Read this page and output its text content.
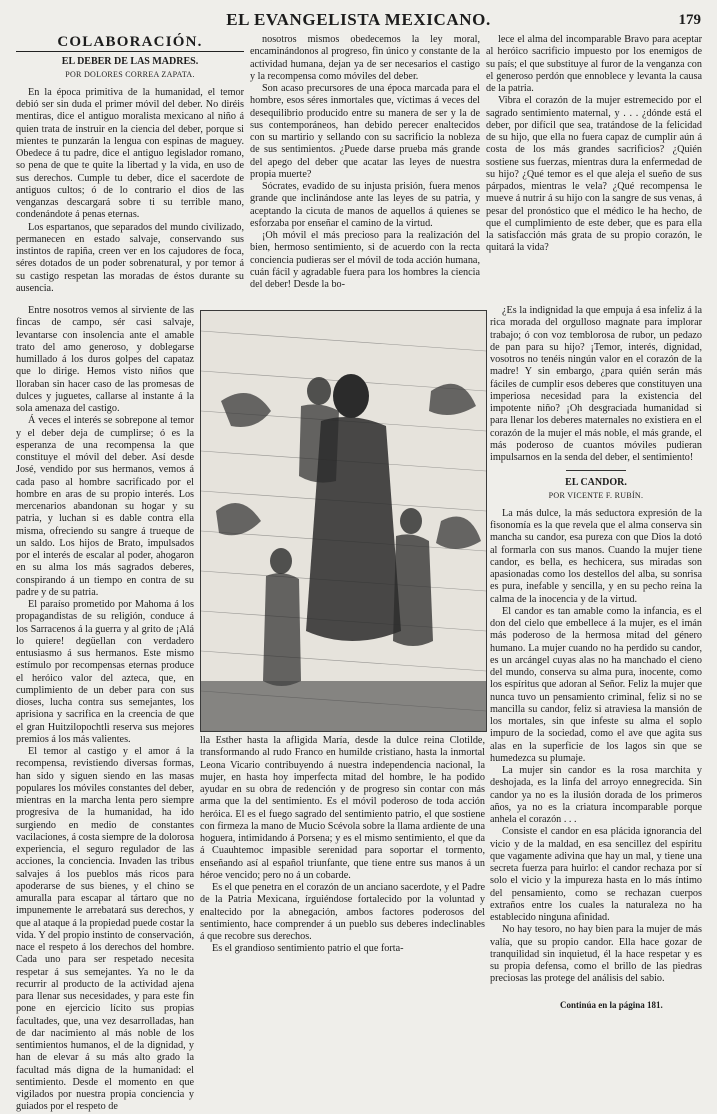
EL EVANGELISTA MEXICANO.	179
COLABORACIÓN.
EL DEBER DE LAS MADRES.
POR DOLORES CORREA ZAPATA.

En la época primitiva de la humanidad, el temor debió ser sin duda el primer móvil del deber. No diréis mentiras, dice el antiguo moralista mexicano al niño á quien trata de instruir en la ciencia del deber, porque si mientes te punzarán la lengua con espinas de maguey. Obedece á tu padre, dice el antiguo legislador romano, so pena de que te quite la libertad y la vida, en uso de sus derechos. Cumple tu deber, dice el sacerdote de antiguos cultos; ó de lo contrario el dios de las venganzas descargará sobre ti su terrible mano, condenándote á penas eternas.

Los espartanos, que separados del mundo civilizado, permanecen en estado salvaje, conservando sus instintos de rapiña, creen ver en los cajudores de foca, séres dotados de un poder sobrenatural, y por temor á su castigo respetan las moradas de éstos durante su ausencia.

Entre nosotros vemos al sirviente de las fincas de campo, sér casi salvaje, levantarse con insolencia ante el amable trato del amo generoso, y doblegarse humillado á los duros golpes del capataz que lo dirige. Hemos visto niños que lloraban sin hacer caso de las promesas de dulces y juguetes, callarse al instante á la sola amenaza del castigo.

Á veces el interés se sobrepone al temor y el deber deja de cumplirse; ó es la esperanza de una recompensa la que constituye el móvil del deber. Así desde José, vendido por sus hermanos, vemos á cada paso al hombre sacrificado por el hombre en aras de su propio interés. Los mercenarios abandonan su hogar y su patria, y luchan si es dable contra ella misma, ofreciendo su sangre á trueque de un saldo. Los hijos de Brato, impulsados por el interés de escalar al poder, ahogaron en su alma los más sagrados deberes, conspirando á un tiempo en contra de su padre y de su patria.

El paraíso prometido por Mahoma á los propagandistas de su religión, conduce á los Sarracenos á la guerra y al grito de ¡Alá lo quiere! degüellan con verdadero entusiasmo á sus hermanos. Este mismo estímulo por recompensas eternas produce el heróico valor del azteca, que, en cumplimiento de un deber para con sus dioses, lucha contra sus semejantes, los aprisiona y sacrifica en la creencia de que el gran Huitzilopochtli reserva sus mejores premios á los más valientes.

El temor al castigo y el amor á la recompensa, revistiendo diversas formas, han sido y siguen siendo en las masas populares los móviles constantes del deber, mientras en la marcha lenta pero siempre progresiva de la humanidad, ha ido surgiendo en medio de constantes vacilaciones, á costa siempre de la dolorosa experiencia, el seguro regulador de las acciones, la conciencia. Invaden las tribus salvajes á los pueblos más ricos para apoderarse de sus bienes, y el chino se amuralla para escapar al tártaro que no impunemente le arrebatará sus derechos, y que al ataque á la propiedad puede costar la vida. Y del propio instinto de conservación, nace el respeto á los derechos del hombre. Cada uno para ser respetado necesita respetar á sus semejantes. Ya no le da recurrir al producto de la actividad ajena para llenar sus necesidades, y para este fin pone en ejercicio lícito sus propias facultades, que, una vez desarrolladas, han de dar nacimiento al más noble de los sentimientos humanos, el de la dignidad, y han de elevar á su más alto grado la facultad más digna de la humanidad: el sentimiento. Desde el momento en que vigilados por nuestra propia conciencia y guiados por el respeto de

nosotros mismos obedecemos la ley moral, encaminándonos al progreso, fin único y constante de la actividad humana, dejan ya de ser necesarios el castigo y la recompensa como móviles del deber.

Son acaso precursores de una época marcada para el hombre, esos séres inmortales que, víctimas á veces del desequilibrio producido entre su manera de ser y la de sus contemporáneos, han debido perecer enaltecidos con su martirio y sellando con su sacrificio la nobleza de sus sentimientos. ¿Puede darse prueba más grande del apego del deber que acatar las leyes de nuestra propia muerte?

Sócrates, evadido de su injusta prisión, fuera menos grande que inclinándose ante las leyes de su patria, y aceptando la cicuta de manos de aquellos á quienes se esforzaba por enseñar el camino de la virtud.

¡Oh móvil el más precioso para la realización del bien, hermoso sentimiento, si de acuerdo con la recta conciencia pudieras ser el móvil de toda acción humana, cuán fácil y agradable fuera para los hombres la ciencia del deber! Desde la bo-

lece el alma del incomparable Bravo para aceptar al heróico sacrificio impuesto por los enemigos de su país; el que substituye al furor de la venganza con el generoso perdón que ennoblece y levanta la causa de la patria.

Vibra el corazón de la mujer estremecido por el sagrado sentimiento maternal, y . . . ¿dónde está el deber, por difícil que sea, tratándose de la felicidad de su hijo, que ella no fuera capaz de cumplir aún á costa de los más grandes sacrificios? ¿Quién sostiene sus fuerzas, mientras dura la enfermedad de su hijo? ¿Qué temor es el que aleja el sueño de sus párpados, mientras le vela? ¿Qué recompensa le mueve á nutrir á su hijo con la sangre de sus venas, á pesar del pronóstico que el médico le ha hecho, de que el cumplimiento de este deber, que es para ella la satisfacción más grata de su propio corazón, le quitará la vida?

¿Es la indignidad la que empuja á esa infeliz á la rica morada del orgulloso magnate para implorar trabajo; ó con voz temblorosa de rubor, un pedazo de pan para su hijo? ¡Temor, interés, dignidad, vosotros no tenéis ningún valor en el corazón de la madre! Y sin embargo, ¿para quién serán más fáciles de cumplir esos deberes que constituyen una imperiosa necesidad para la existencia del impotente niño? ¡Oh desgraciada humanidad si para llenar los deberes maternales no existiera en el corazón de la mujer el más noble, el más grande, el más poderoso de cuantos móviles pudieran impulsarnos en la senda del deber, el sentimiento!

EL CANDOR.
POR VICENTE F. RUBÍN.

La más dulce, la más seductora expresión de la fisonomía es la que revela que el alma conserva sin mancha su candor, esa pureza con que Dios la dotó al formarla con sus manos. Cuando la mujer tiene candor, es bella, es hechicera, sus miradas son apasionadas como los destellos del alba, su sonrisa es pura, inefable y sencilla, y en su pecho reina la calma de la inocencia y de la virtud.

El candor es tan amable como la infancia, es el don del cielo que embellece á la mujer, es el imán más poderoso de la hermosa mitad del género humano. La mujer cuando no ha perdido su candor, es un arcángel cuyas alas no ha manchado el cieno del mundo, conserva su alma pura, inocente, como los espíritus que adoran al Señor. Feliz la mujer que nunca tuvo un pensamiento criminal, feliz si no se mancilla su candor, feliz si atraviesa la mansión de los mortales, sin que infeste su alma el soplo impuro de la sociedad, como el ave que agita sus alas en la superficie de los lagos sin que se humedezca su plumaje.

La mujer sin candor es la rosa marchita y deshojada, es la linfa del arroyo ennegrecida. Sin candor ya no es la ilusión dorada de los primeros años, ya no es la criatura incomparable porque anhela el corazón . . .

Consiste el candor en esa plácida ignorancia del vicio y de la maldad, en esa sencillez del espíritu que vagamente adivina que hay un mal, y tiene una secreta fuerza para huirlo: el candor rechaza por sí solo el vicio y la impureza hasta en lo más íntimo del pensamiento, como se rechazan cuerpos extraños entre los cuales la naturaleza no ha establecido ninguna afinidad.

No hay tesoro, no hay bien para la mujer de más valía, que su propio candor. Ella hace gozar de tranquilidad sin inquietud, él la hace respetar y es su propia defensa, como el brillo de las piedras preciosas las protege del análisis del sabio.

lla Esther hasta la afligida María, desde la dulce reina Clotilde, transformando al rudo Franco en humilde cristiano, hasta la inmortal Leona Vicario contribuyendo á nuestra independencia nacional, la mujer, en hasta hoy imperfecta mitad del hombre, le ha podido ayudar en su obra de redención y de progreso sin contar con más arma que la del sentimiento. Es el móvil poderoso de toda acción heróica. El es el fuego sagrado del sentimiento patrio, el que sostiene con firmeza la mano de Mucio Scévola sobre la llama ardiente de una hoguera, intimidando á Porsena; y es el mismo sentimiento, el que da á Cuauhtemoc impasible serenidad para soportar el tormento, enseñando así al español triunfante, que tiene entre sus manos á un héroe vencido; pero no á un cobarde.

Es el que penetra en el corazón de un anciano sacerdote, y el Padre de la Patria Mexicana, írguiéndose fortalecido por la voluntad y enaltecido por la abnegación, ambos factores poderosos del sentimiento, hace comprender á un pueblo sus deberes indeclinables á que recobre sus derechos.

Es el grandioso sentimiento patrio el que forta-

Continúa en la página 181.
